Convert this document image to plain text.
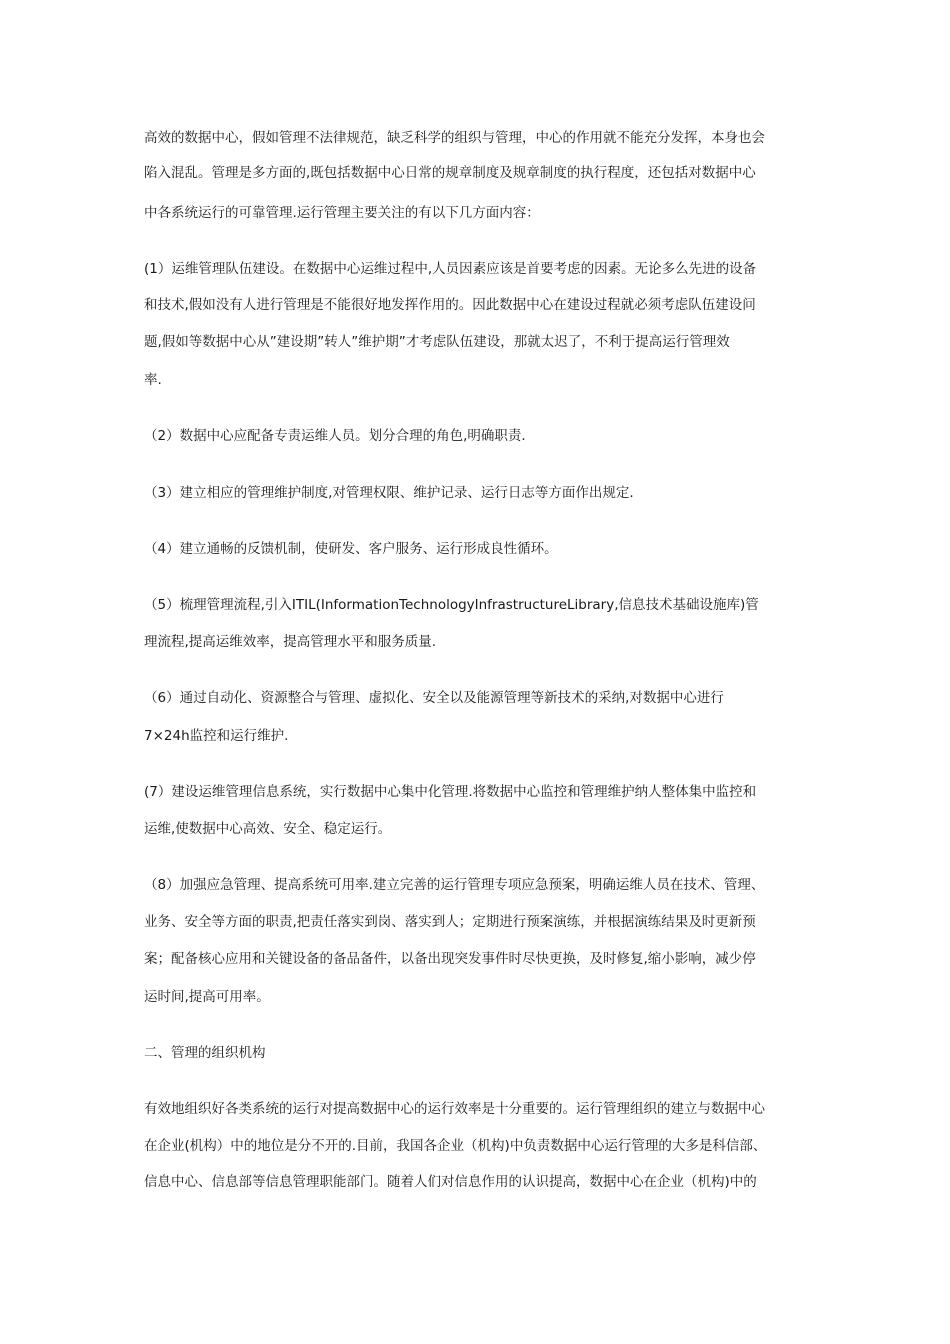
高效的数据中心，假如管理不法律规范，缺乏科学的组织与管理，中心的作用就不能充分发挥，本身也会
陷入混乱。管理是多方面的,既包括数据中心日常的规章制度及规章制度的执行程度，还包括对数据中心
中各系统运行的可靠管理.运行管理主要关注的有以下几方面内容：
(1）运维管理队伍建设。在数据中心运维过程中,人员因素应该是首要考虑的因素。无论多么先进的设备
和技术,假如没有人进行管理是不能很好地发挥作用的。因此数据中心在建设过程就必须考虑队伍建设问
题,假如等数据中心从”建设期”转人”维护期”才考虑队伍建设，那就太迟了，不利于提高运行管理效
率.
（2）数据中心应配备专责运维人员。划分合理的角色,明确职责.
（3）建立相应的管理维护制度,对管理权限、维护记录、运行日志等方面作出规定.
（4）建立通畅的反馈机制，使研发、客户服务、运行形成良性循环。
（5）梳理管理流程,引入ITIL(InformationTechnologyInfrastructureLibrary,信息技术基础设施库)管
理流程,提高运维效率，提高管理水平和服务质量.
（6）通过自动化、资源整合与管理、虚拟化、安全以及能源管理等新技术的采纳,对数据中心进行
7×24h监控和运行维护.
(7）建设运维管理信息系统，实行数据中心集中化管理.将数据中心监控和管理维护纳人整体集中监控和
运维,使数据中心高效、安全、稳定运行。
（8）加强应急管理、提高系统可用率.建立完善的运行管理专项应急预案，明确运维人员在技术、管理、
业务、安全等方面的职责,把责任落实到岗、落实到人；定期进行预案演练，并根据演练结果及时更新预
案；配备核心应用和关键设备的备品备件，以备出现突发事件时尽快更换，及时修复,缩小影响，减少停
运时间,提高可用率。
二、管理的组织机构
有效地组织好各类系统的运行对提高数据中心的运行效率是十分重要的。运行管理组织的建立与数据中心
在企业(机构）中的地位是分不开的.目前，我国各企业（机构)中负责数据中心运行管理的大多是科信部、
信息中心、信息部等信息管理职能部门。随着人们对信息作用的认识提高，数据中心在企业（机构)中的
